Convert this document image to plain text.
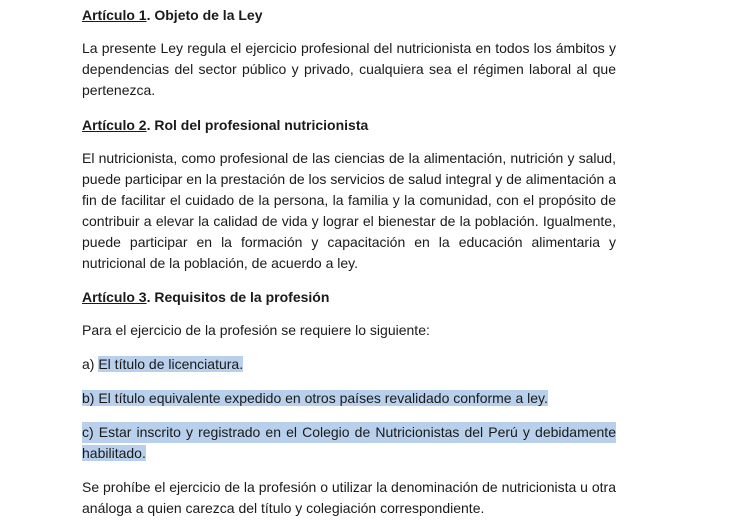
Artículo 1. Objeto de la Ley
La presente Ley regula el ejercicio profesional del nutricionista en todos los ámbitos y dependencias del sector público y privado, cualquiera sea el régimen laboral al que pertenezca.
Artículo 2. Rol del profesional nutricionista
El nutricionista, como profesional de las ciencias de la alimentación, nutrición y salud, puede participar en la prestación de los servicios de salud integral y de alimentación a fin de facilitar el cuidado de la persona, la familia y la comunidad, con el propósito de contribuir a elevar la calidad de vida y lograr el bienestar de la población. Igualmente, puede participar en la formación y capacitación en la educación alimentaria y nutricional de la población, de acuerdo a ley.
Artículo 3. Requisitos de la profesión
Para el ejercicio de la profesión se requiere lo siguiente:
a) El título de licenciatura.
b) El título equivalente expedido en otros países revalidado conforme a ley.
c) Estar inscrito y registrado en el Colegio de Nutricionistas del Perú y debidamente
habilitado.
Se prohíbe el ejercicio de la profesión o utilizar la denominación de nutricionista u otra análoga a quien carezca del título y colegiación correspondiente.
